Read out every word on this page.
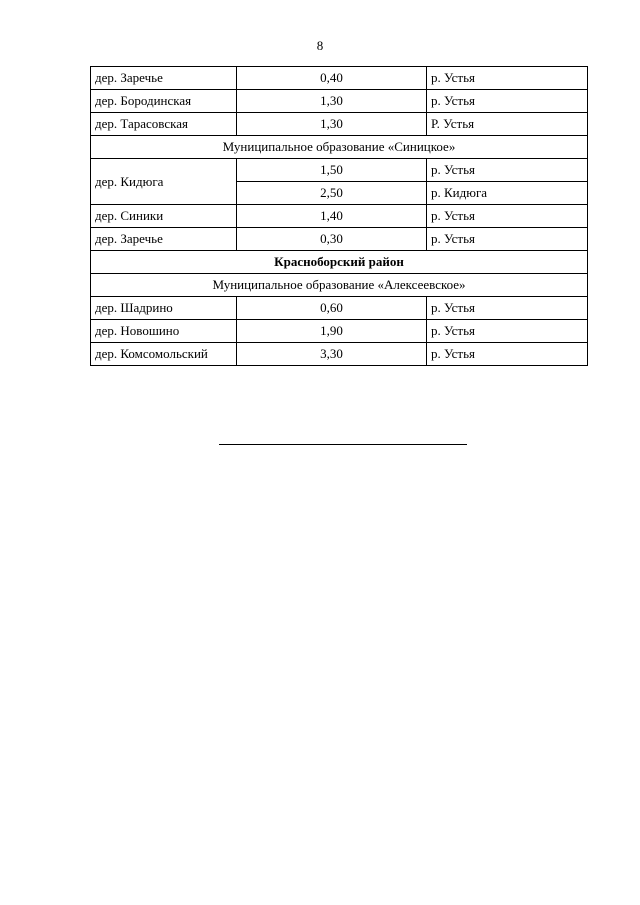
8
дер. Заречье	0,40	р. Устья
дер. Бородинская	1,30	р. Устья
дер. Тарасовская	1,30	Р. Устья
Муниципальное образование «Синицкое»		
дер. Кидюга	1,50	р. Устья
	2,50	р. Кидюга
дер. Синики	1,40	р. Устья
дер. Заречье	0,30	р. Устья
Красноборский район		
Муниципальное образование «Алексеевское»		
дер. Шадрино	0,60	р. Устья
дер. Новошино	1,90	р. Устья
дер. Комсомольский	3,30	р. Устья
